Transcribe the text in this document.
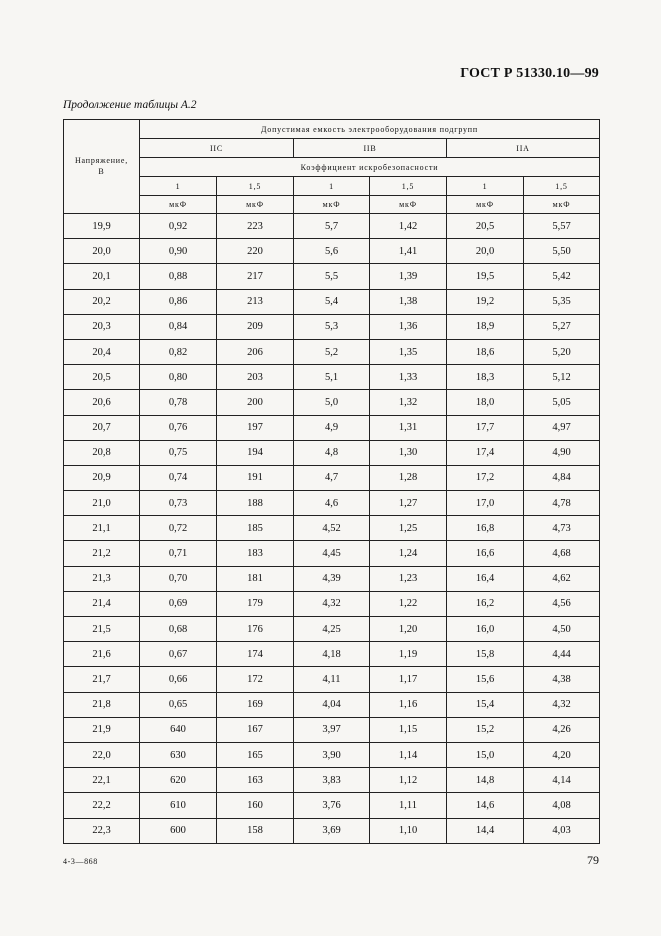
ГОСТ Р 51330.10—99
Продолжение таблицы А.2
Напряжение,
В	Допустимая емкость электрооборудования подгрупп					
	IIC		IIB		IIA	
	Коэффициент искробезопасности					
	1	1,5	1	1,5	1	1,5
	мкФ	мкФ	мкФ	мкФ	мкФ	мкФ
19,9	0,92	223	5,7	1,42	20,5	5,57
20,0	0,90	220	5,6	1,41	20,0	5,50
20,1	0,88	217	5,5	1,39	19,5	5,42
20,2	0,86	213	5,4	1,38	19,2	5,35
20,3	0,84	209	5,3	1,36	18,9	5,27
20,4	0,82	206	5,2	1,35	18,6	5,20
20,5	0,80	203	5,1	1,33	18,3	5,12
20,6	0,78	200	5,0	1,32	18,0	5,05
20,7	0,76	197	4,9	1,31	17,7	4,97
20,8	0,75	194	4,8	1,30	17,4	4,90
20,9	0,74	191	4,7	1,28	17,2	4,84
21,0	0,73	188	4,6	1,27	17,0	4,78
21,1	0,72	185	4,52	1,25	16,8	4,73
21,2	0,71	183	4,45	1,24	16,6	4,68
21,3	0,70	181	4,39	1,23	16,4	4,62
21,4	0,69	179	4,32	1,22	16,2	4,56
21,5	0,68	176	4,25	1,20	16,0	4,50
21,6	0,67	174	4,18	1,19	15,8	4,44
21,7	0,66	172	4,11	1,17	15,6	4,38
21,8	0,65	169	4,04	1,16	15,4	4,32
21,9	640	167	3,97	1,15	15,2	4,26
22,0	630	165	3,90	1,14	15,0	4,20
22,1	620	163	3,83	1,12	14,8	4,14
22,2	610	160	3,76	1,11	14,6	4,08
22,3	600	158	3,69	1,10	14,4	4,03
4-3—868	79
